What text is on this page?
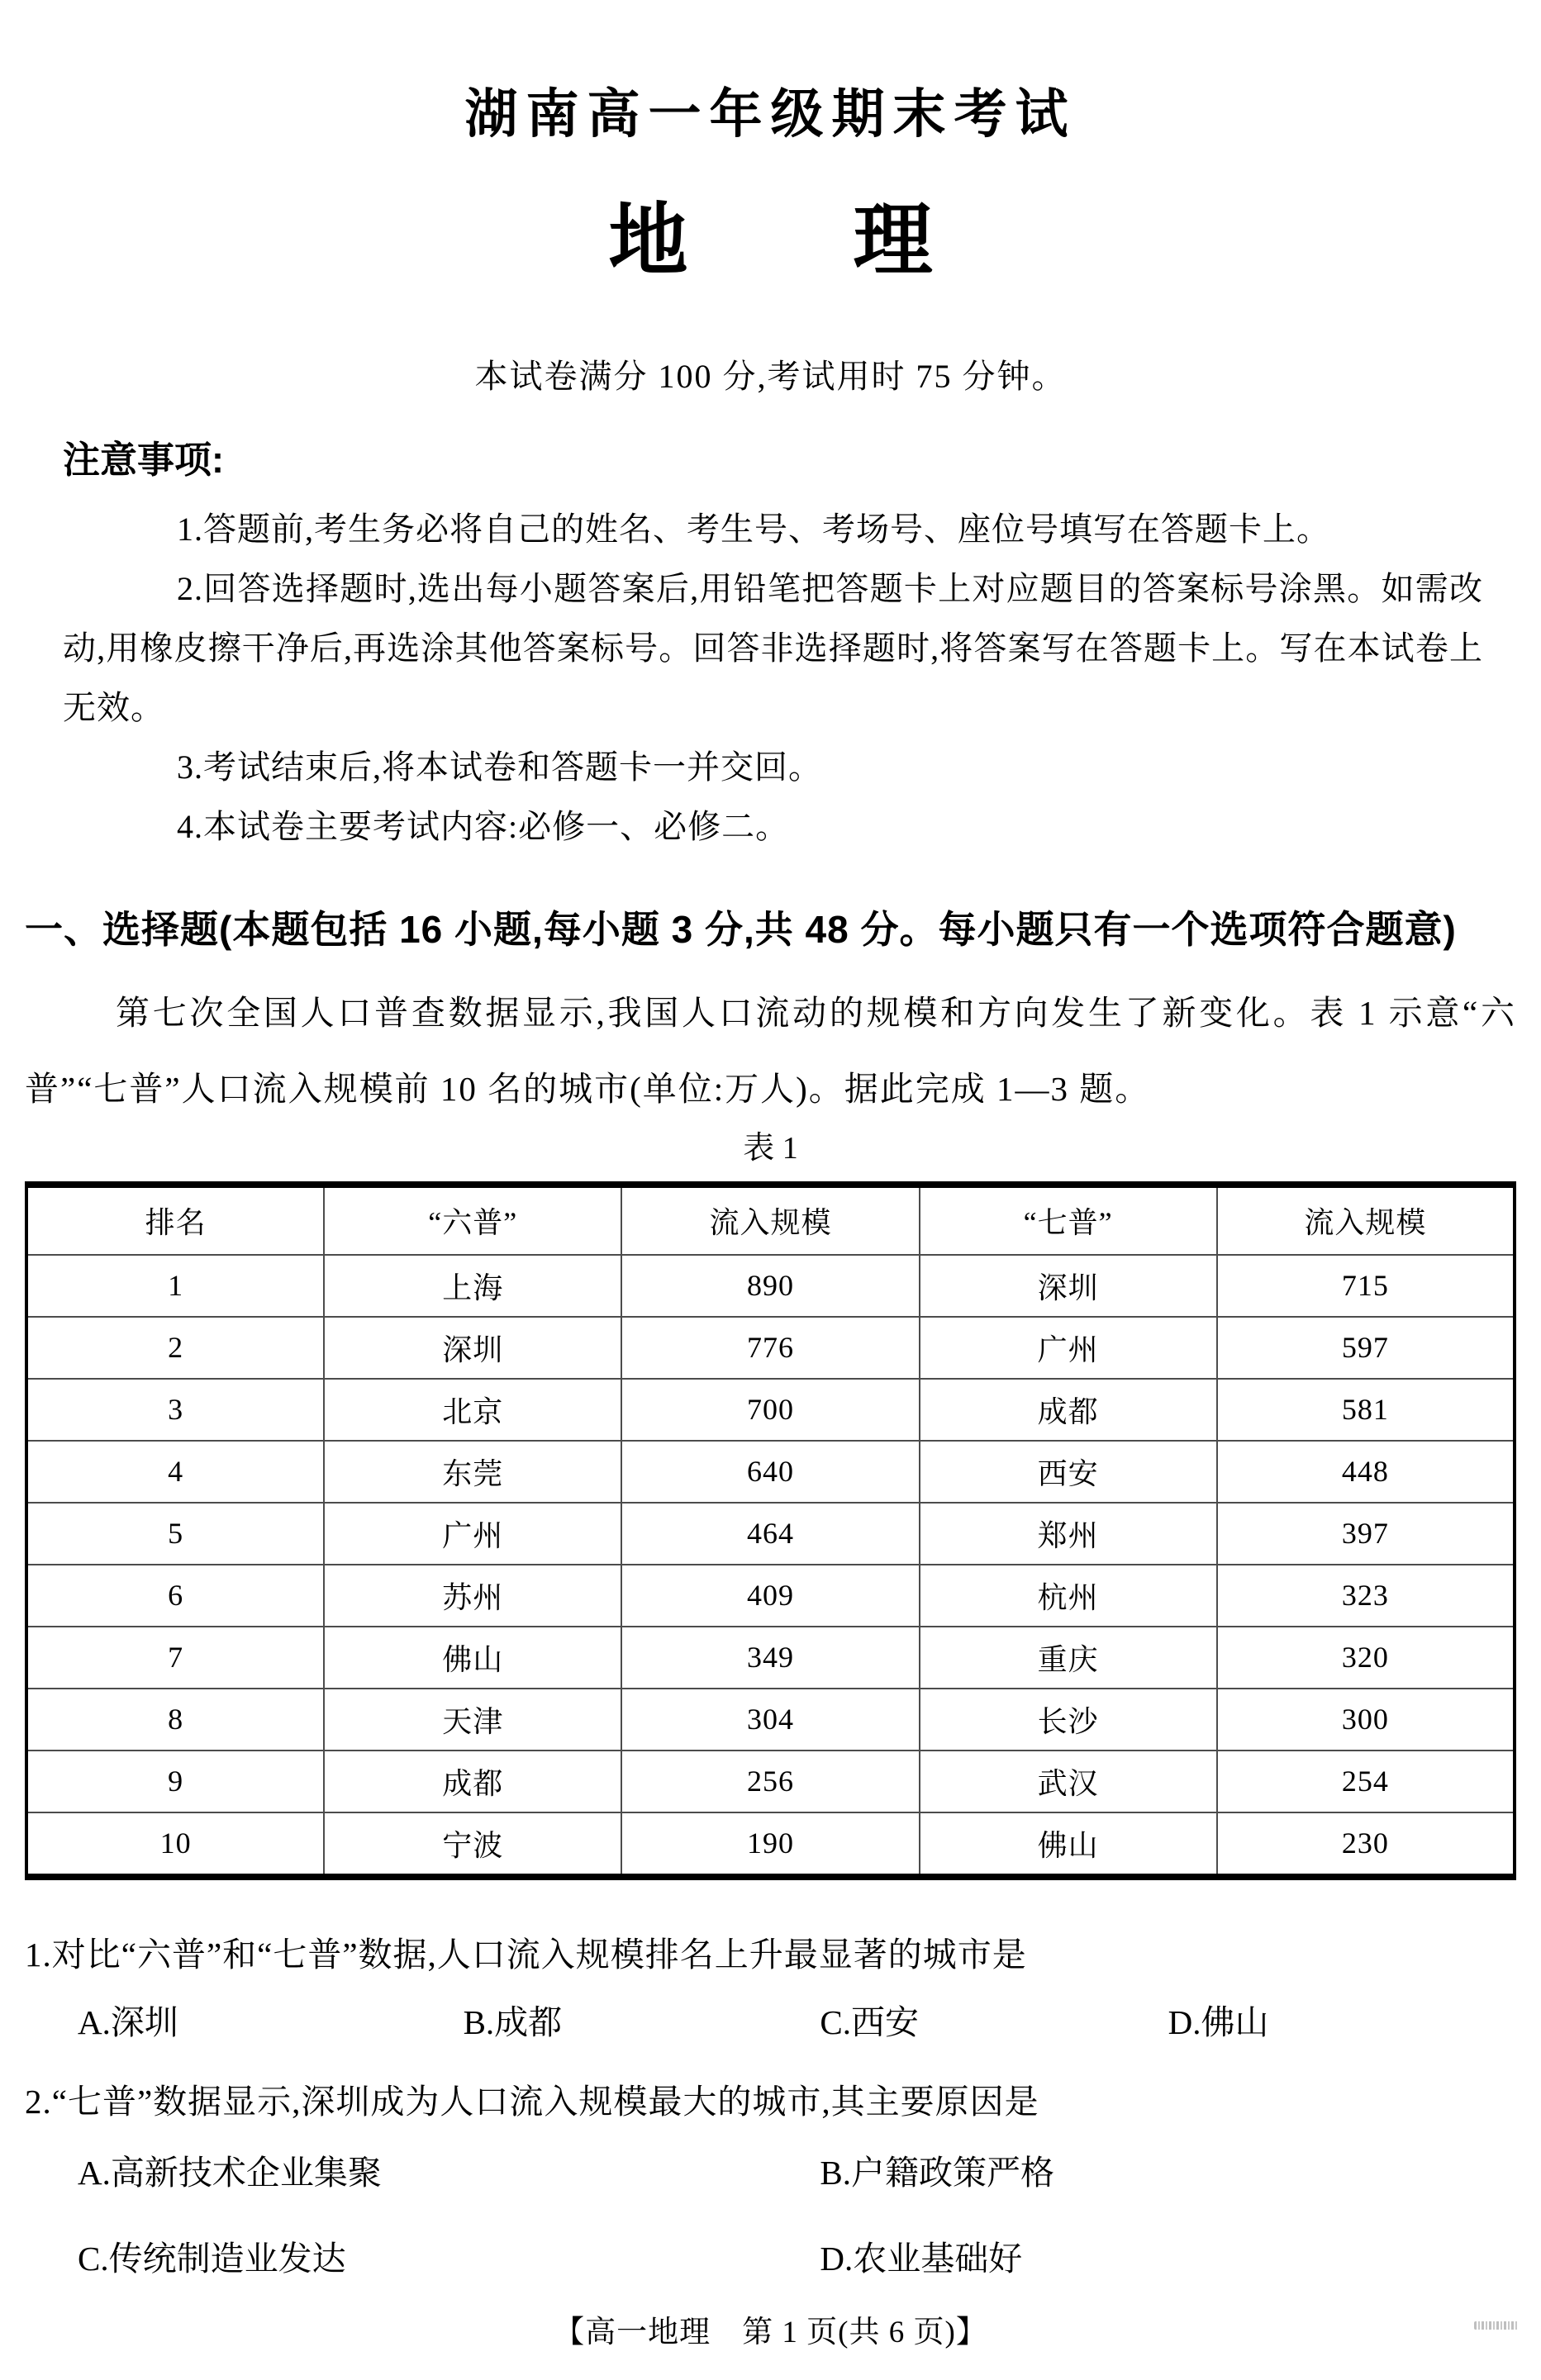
湖南高一年级期末考试
地 理
本试卷满分 100 分,考试用时 75 分钟。
注意事项:

1.答题前,考生务必将自己的姓名、考生号、考场号、座位号填写在答题卡上。

2.回答选择题时,选出每小题答案后,用铅笔把答题卡上对应题目的答案标号涂黑。如需改动,用橡皮擦干净后,再选涂其他答案标号。回答非选择题时,将答案写在答题卡上。写在本试卷上无效。

3.考试结束后,将本试卷和答题卡一并交回。

4.本试卷主要考试内容:必修一、必修二。

一、选择题(本题包括 16 小题,每小题 3 分,共 48 分。每小题只有一个选项符合题意)

第七次全国人口普查数据显示,我国人口流动的规模和方向发生了新变化。表 1 示意“六普”“七普”人口流入规模前 10 名的城市(单位:万人)。据此完成 1—3 题。

表 1
排名	“六普”	流入规模	“七普”	流入规模
1	上海	890	深圳	715
2	深圳	776	广州	597
3	北京	700	成都	581
4	东莞	640	西安	448
5	广州	464	郑州	397
6	苏州	409	杭州	323
7	佛山	349	重庆	320
8	天津	304	长沙	300
9	成都	256	武汉	254
10	宁波	190	佛山	230

1.对比“六普”和“七普”数据,人口流入规模排名上升最显著的城市是

A.深圳	B.成都	C.西安	D.佛山

2.“七普”数据显示,深圳成为人口流入规模最大的城市,其主要原因是

A.高新技术企业集聚	B.户籍政策严格
C.传统制造业发达	D.农业基础好
【高一地理　第 1 页(共 6 页)】
